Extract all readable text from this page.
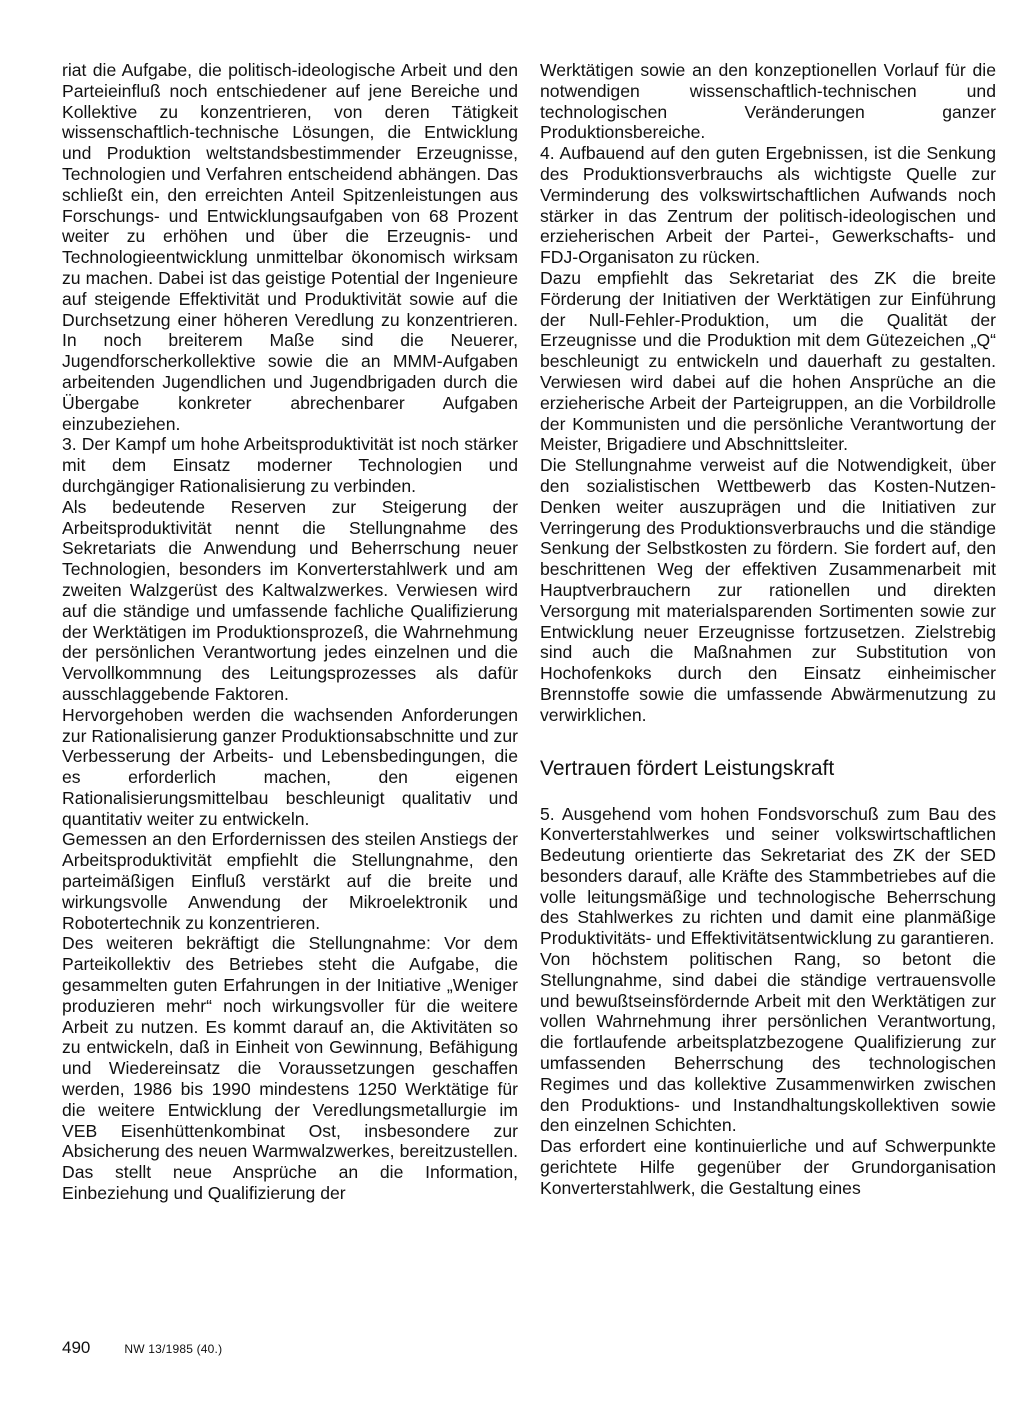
riat die Aufgabe, die politisch-ideologische Arbeit und den Parteieinfluß noch entschiedener auf jene Bereiche und Kollektive zu konzentrieren, von deren Tätigkeit wissenschaftlich-technische Lösungen, die Entwicklung und Produktion weltstandsbestimmender Erzeugnisse, Technologien und Verfahren entscheidend abhängen. Das schließt ein, den erreichten Anteil Spitzenleistungen aus Forschungs- und Entwicklungsaufgaben von 68 Prozent weiter zu erhöhen und über die Erzeugnis- und Technologieentwicklung unmittelbar ökonomisch wirksam zu machen. Dabei ist das geistige Potential der Ingenieure auf steigende Effektivität und Produktivität sowie auf die Durchsetzung einer höheren Veredlung zu konzentrieren. In noch breiterem Maße sind die Neuerer, Jugendforscherkollektive sowie die an MMM-Aufgaben arbeitenden Jugendlichen und Jugendbrigaden durch die Übergabe konkreter abrechenbarer Aufgaben einzubeziehen.

3. Der Kampf um hohe Arbeitsproduktivität ist noch stärker mit dem Einsatz moderner Technologien und durchgängiger Rationalisierung zu verbinden.

Als bedeutende Reserven zur Steigerung der Arbeitsproduktivität nennt die Stellungnahme des Sekretariats die Anwendung und Beherrschung neuer Technologien, besonders im Konverterstahlwerk und am zweiten Walzgerüst des Kaltwalzwerkes. Verwiesen wird auf die ständige und umfassende fachliche Qualifizierung der Werktätigen im Produktionsprozeß, die Wahrnehmung der persönlichen Verantwortung jedes einzelnen und die Vervollkommnung des Leitungsprozesses als dafür ausschlaggebende Faktoren.

Hervorgehoben werden die wachsenden Anforderungen zur Rationalisierung ganzer Produktionsabschnitte und zur Verbesserung der Arbeits- und Lebensbedingungen, die es erforderlich machen, den eigenen Rationalisierungsmittelbau beschleunigt qualitativ und quantitativ weiter zu entwickeln.

Gemessen an den Erfordernissen des steilen Anstiegs der Arbeitsproduktivität empfiehlt die Stellungnahme, den parteimäßigen Einfluß verstärkt auf die breite und wirkungsvolle Anwendung der Mikroelektronik und Robotertechnik zu konzentrieren.

Des weiteren bekräftigt die Stellungnahme: Vor dem Parteikollektiv des Betriebes steht die Aufgabe, die gesammelten guten Erfahrungen in der Initiative „Weniger produzieren mehr“ noch wirkungsvoller für die weitere Arbeit zu nutzen. Es kommt darauf an, die Aktivitäten so zu entwickeln, daß in Einheit von Gewinnung, Befähigung und Wiedereinsatz die Voraussetzungen geschaffen werden, 1986 bis 1990 mindestens 1250 Werktätige für die weitere Entwicklung der Veredlungsmetallurgie im VEB Eisenhüttenkombinat Ost, insbesondere zur Absicherung des neuen Warmwalzwerkes, bereitzustellen. Das stellt neue Ansprüche an die Information, Einbeziehung und Qualifizierung der

Werktätigen sowie an den konzeptionellen Vorlauf für die notwendigen wissenschaftlich-technischen und technologischen Veränderungen ganzer Produktionsbereiche.

4. Aufbauend auf den guten Ergebnissen, ist die Senkung des Produktionsverbrauchs als wichtigste Quelle zur Verminderung des volkswirtschaftlichen Aufwands noch stärker in das Zentrum der politisch-ideologischen und erzieherischen Arbeit der Partei-, Gewerkschafts- und FDJ-Organisaton zu rücken.

Dazu empfiehlt das Sekretariat des ZK die breite Förderung der Initiativen der Werktätigen zur Einführung der Null-Fehler-Produktion, um die Qualität der Erzeugnisse und die Produktion mit dem Gütezeichen „Q“ beschleunigt zu entwickeln und dauerhaft zu gestalten. Verwiesen wird dabei auf die hohen Ansprüche an die erzieherische Arbeit der Parteigruppen, an die Vorbildrolle der Kommunisten und die persönliche Verantwortung der Meister, Brigadiere und Abschnittsleiter.

Die Stellungnahme verweist auf die Notwendigkeit, über den sozialistischen Wettbewerb das Kosten-Nutzen-Denken weiter auszuprägen und die Initiativen zur Verringerung des Produktionsverbrauchs und die ständige Senkung der Selbstkosten zu fördern. Sie fordert auf, den beschrittenen Weg der effektiven Zusammenarbeit mit Hauptverbrauchern zur rationellen und direkten Versorgung mit materialsparenden Sortimenten sowie zur Entwicklung neuer Erzeugnisse fortzusetzen. Zielstrebig sind auch die Maßnahmen zur Substitution von Hochofenkoks durch den Einsatz einheimischer Brennstoffe sowie die umfassende Abwärmenutzung zu verwirklichen.

Vertrauen fördert Leistungskraft

5. Ausgehend vom hohen Fondsvorschuß zum Bau des Konverterstahlwerkes und seiner volkswirtschaftlichen Bedeutung orientierte das Sekretariat des ZK der SED besonders darauf, alle Kräfte des Stammbetriebes auf die volle leitungsmäßige und technologische Beherrschung des Stahlwerkes zu richten und damit eine planmäßige Produktivitäts- und Effektivitätsentwicklung zu garantieren.

Von höchstem politischen Rang, so betont die Stellungnahme, sind dabei die ständige vertrauensvolle und bewußtseinsfördernde Arbeit mit den Werktätigen zur vollen Wahrnehmung ihrer persönlichen Verantwortung, die fortlaufende arbeitsplatzbezogene Qualifizierung zur umfassenden Beherrschung des technologischen Regimes und das kollektive Zusammenwirken zwischen den Produktions- und Instandhaltungskollektiven sowie den einzelnen Schichten.

Das erfordert eine kontinuierliche und auf Schwerpunkte gerichtete Hilfe gegenüber der Grundorganisation Konverterstahlwerk, die Gestaltung eines

490	NW 13/1985 (40.)
